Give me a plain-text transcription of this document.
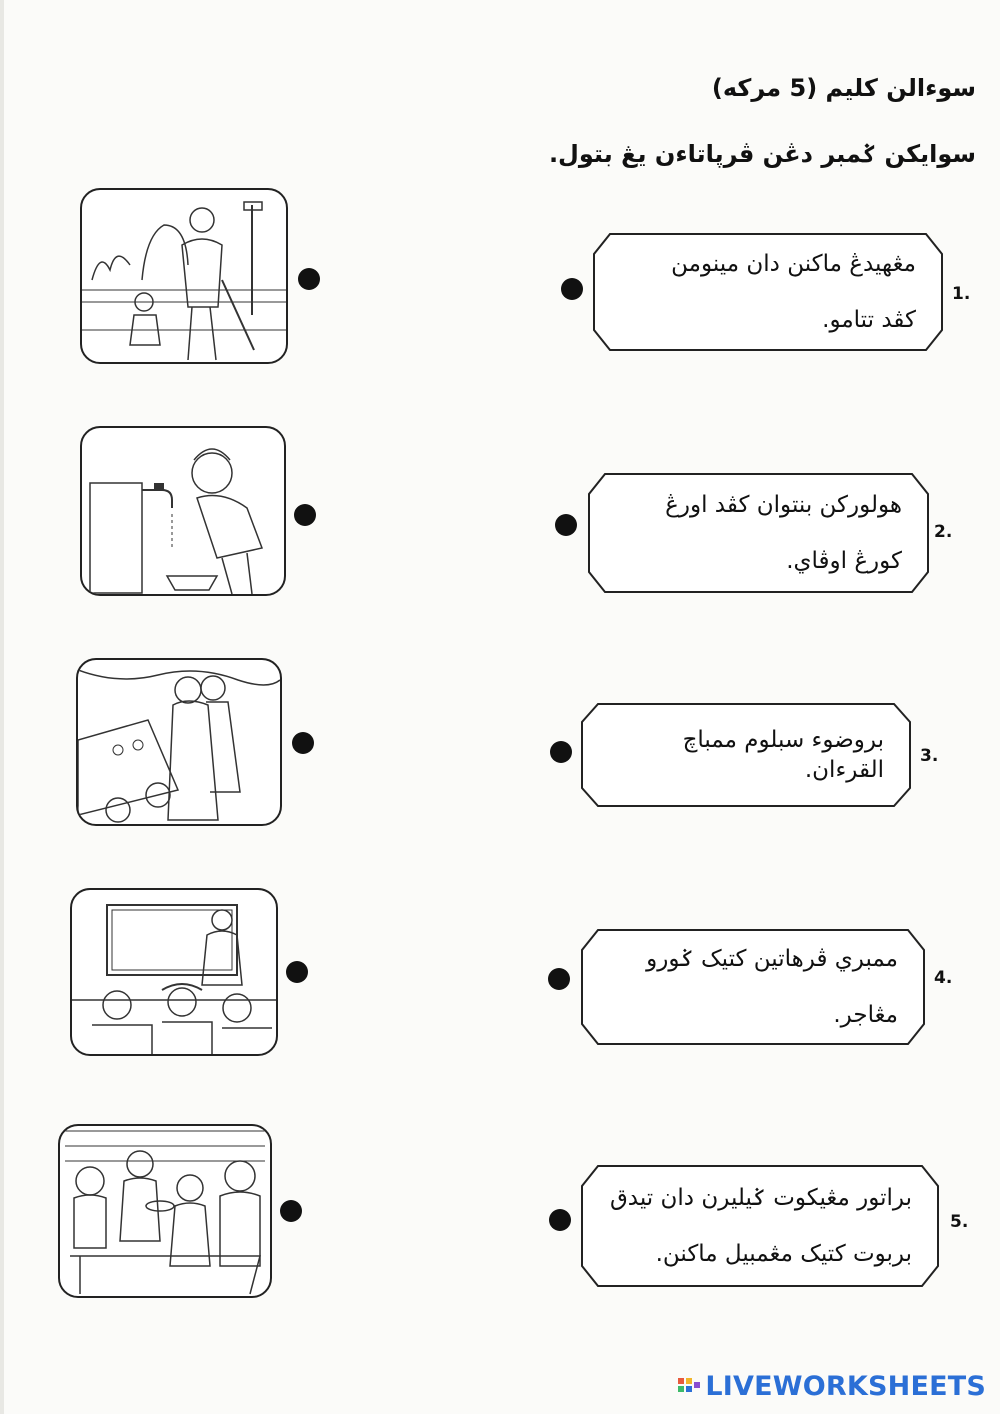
سوءالن كليم (5 مركه)
سوايكن ݢمبر دڠن ڤرڽاتاءن يڠ بتول.
مڠهيدڠ ماكنن دان مينومن
كڤد تتامو.
1.
هولوركن بنتوان كڤد اورڠ
كورڠ اوڤاي.
2.
بروضوء سبلوم ممباچ القرءان.
3.
ممبري ڤرهاتين كتيک ݢورو
مڠاجر.
4.
براتور مڠيكوت ݢيليرن دان تيدق
بربوت كتيک مڠمبيل ماكنن.
5.
LIVEWORKSHEETS
